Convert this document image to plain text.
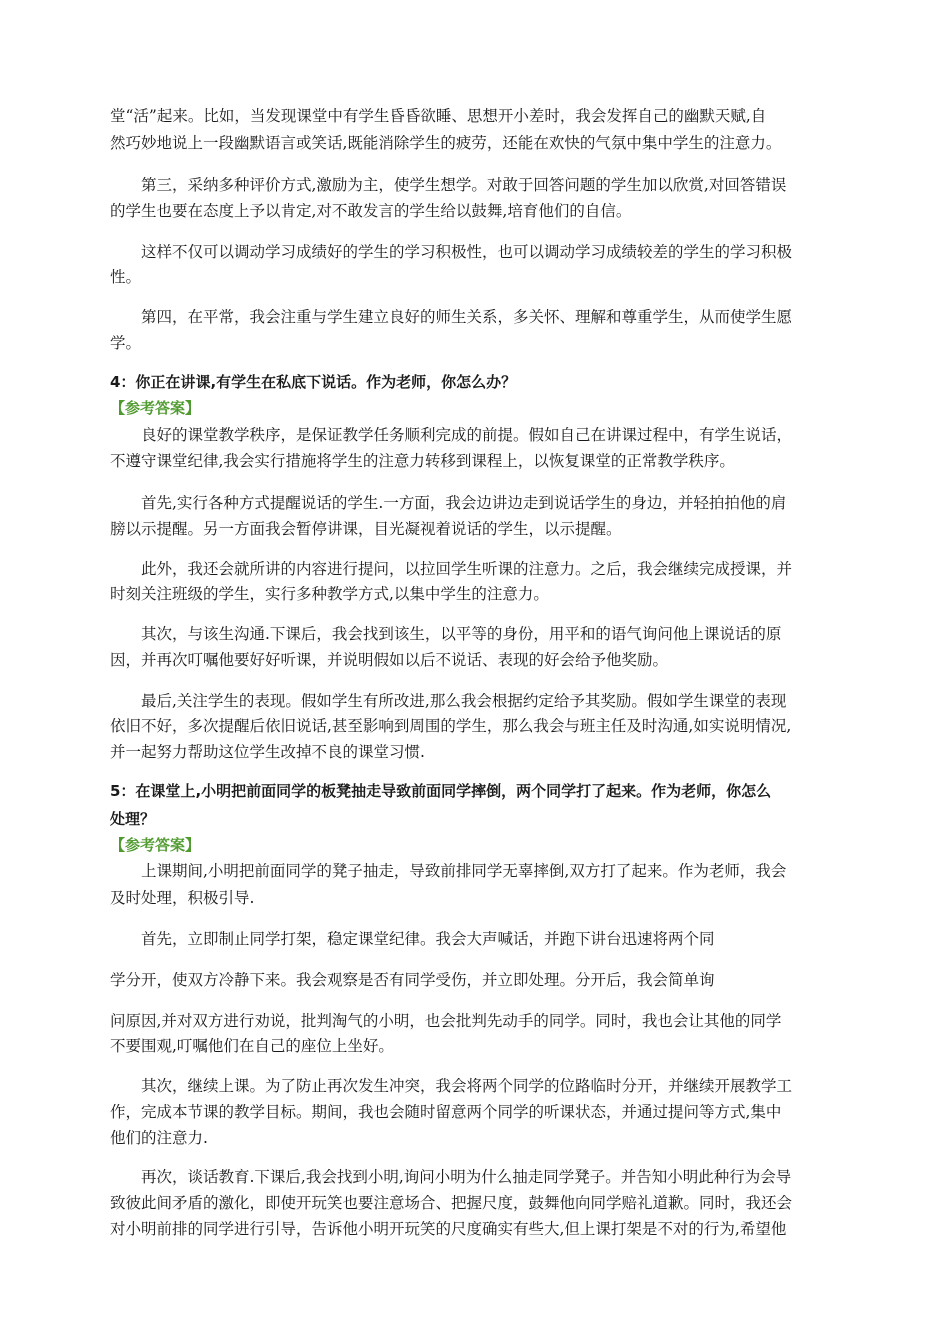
堂“活”起来。比如，当发现课堂中有学生昏昏欲睡、思想开小差时，我会发挥自己的幽默天赋,自
然巧妙地说上一段幽默语言或笑话,既能消除学生的疲劳，还能在欢快的气氛中集中学生的注意力。
　　第三，采纳多种评价方式,激励为主，使学生想学。对敢于回答问题的学生加以欣赏,对回答错误
的学生也要在态度上予以肯定,对不敢发言的学生给以鼓舞,培育他们的自信。
　　这样不仅可以调动学习成绩好的学生的学习积极性，也可以调动学习成绩较差的学生的学习积极
性。
　　第四，在平常，我会注重与学生建立良好的师生关系，多关怀、理解和尊重学生，从而使学生愿
学。
4：你正在讲课,有学生在私底下说话。作为老师，你怎么办？
【参考答案】
　　良好的课堂教学秩序，是保证教学任务顺利完成的前提。假如自己在讲课过程中，有学生说话，
不遵守课堂纪律,我会实行措施将学生的注意力转移到课程上，以恢复课堂的正常教学秩序。
　　首先,实行各种方式提醒说话的学生.一方面，我会边讲边走到说话学生的身边，并轻拍拍他的肩
膀以示提醒。另一方面我会暂停讲课，目光凝视着说话的学生，以示提醒。
　　此外，我还会就所讲的内容进行提问，以拉回学生听课的注意力。之后，我会继续完成授课，并
时刻关注班级的学生，实行多种教学方式,以集中学生的注意力。
　　其次，与该生沟通.下课后，我会找到该生，以平等的身份，用平和的语气询问他上课说话的原
因，并再次叮嘱他要好好听课，并说明假如以后不说话、表现的好会给予他奖励。
　　最后,关注学生的表现。假如学生有所改进,那么我会根据约定给予其奖励。假如学生课堂的表现
依旧不好，多次提醒后依旧说话,甚至影响到周围的学生，那么我会与班主任及时沟通,如实说明情况,
并一起努力帮助这位学生改掉不良的课堂习惯.
5：在课堂上,小明把前面同学的板凳抽走导致前面同学摔倒，两个同学打了起来。作为老师，你怎么
处理？
【参考答案】
　　上课期间,小明把前面同学的凳子抽走，导致前排同学无辜摔倒,双方打了起来。作为老师，我会
及时处理，积极引导.
　　首先，立即制止同学打架，稳定课堂纪律。我会大声喊话，并跑下讲台迅速将两个同
学分开，使双方冷静下来。我会观察是否有同学受伤，并立即处理。分开后，我会简单询
问原因,并对双方进行劝说，批判淘气的小明，也会批判先动手的同学。同时，我也会让其他的同学
不要围观,叮嘱他们在自己的座位上坐好。
　　其次，继续上课。为了防止再次发生冲突，我会将两个同学的位路临时分开，并继续开展教学工
作，完成本节课的教学目标。期间，我也会随时留意两个同学的听课状态，并通过提问等方式,集中
他们的注意力.
　　再次，谈话教育.下课后,我会找到小明,询问小明为什么抽走同学凳子。并告知小明此种行为会导
致彼此间矛盾的激化，即使开玩笑也要注意场合、把握尺度，鼓舞他向同学赔礼道歉。同时，我还会
对小明前排的同学进行引导，告诉他小明开玩笑的尺度确实有些大,但上课打架是不对的行为,希望他
